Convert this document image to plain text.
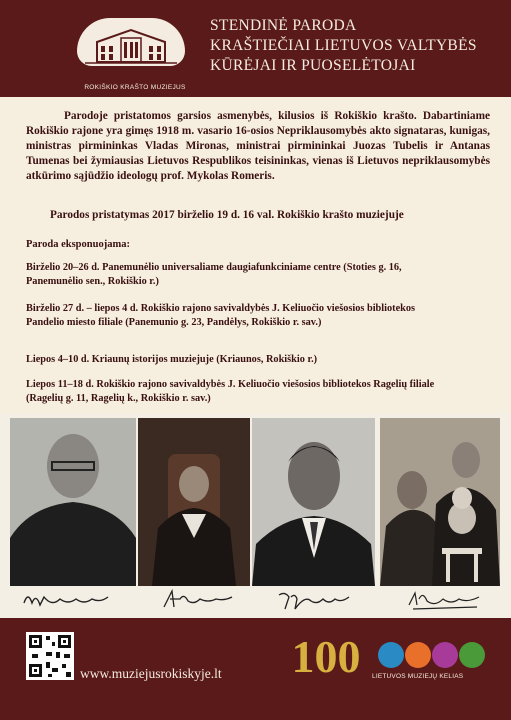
ROKIŠKIO KRAŠTO MUZIEJUS
STENDINĖ PARODA
KRAŠTIEČIAI LIETUVOS VALTYBĖS
KŪRĖJAI IR PUOSELĖTOJAI

Parodoje pristatomos garsios asmenybės, kilusios iš Rokiškio krašto. Dabartiniame Rokiškio rajone yra gimęs 1918 m. vasario 16-osios Nepriklausomybės akto signataras, kunigas, ministras pirmininkas Vladas Mironas, ministrai pirmininkai Juozas Tubelis ir Antanas Tumenas bei žymiausias Lietuvos Respublikos teisininkas, vienas iš Lietuvos nepriklausomybės atkūrimo sąjūdžio ideologų prof. Mykolas Romeris.

Parodos pristatymas 2017 birželio 19 d. 16 val. Rokiškio krašto muziejuje

Paroda eksponuojama:

Birželio 20–26 d. Panemunėlio universaliame daugiafunkciniame centre (Stoties g. 16, Panemunėlio sen., Rokiškio r.)

Birželio 27 d. – liepos 4 d. Rokiškio rajono savivaldybės J. Keliuočio viešosios bibliotekos Pandelio miesto filiale (Panemunio g. 23, Pandėlys, Rokiškio r. sav.)

Liepos 4–10 d. Kriaunų istorijos muziejuje (Kriaunos, Rokiškio r.)

Liepos 11–18 d. Rokiškio rajono savivaldybės J. Keliuočio viešosios bibliotekos Ragelių filiale (Ragelių g. 11, Ragelių k., Rokiškio r. sav.)

www.muziejusrokiskyje.lt 100 LIETUVOS MUZIEJŲ KELIAS
